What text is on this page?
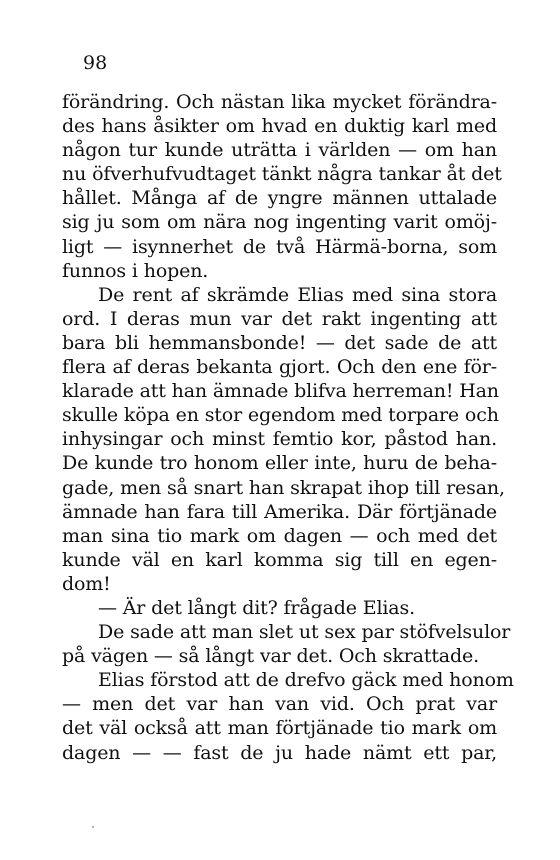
98

förändring. Och nästan lika mycket förändra-
des hans åsikter om hvad en duktig karl med
någon tur kunde uträtta i världen — om han
nu öfverhufvudtaget tänkt några tankar åt det
hållet. Många af de yngre männen uttalade
sig ju som om nära nog ingenting varit omöj-
ligt — isynnerhet de två Härmä-borna, som
funnos i hopen.
De rent af skrämde Elias med sina stora
ord. I deras mun var det rakt ingenting att
bara bli hemmansbonde! — det sade de att
flera af deras bekanta gjort. Och den ene för-
klarade att han ämnade blifva herreman! Han
skulle köpa en stor egendom med torpare och
inhysingar och minst femtio kor, påstod han.
De kunde tro honom eller inte, huru de beha-
gade, men så snart han skrapat ihop till resan,
ämnade han fara till Amerika. Där förtjänade
man sina tio mark om dagen — och med det
kunde väl en karl komma sig till en egen-
dom!
— Är det långt dit? frågade Elias.
De sade att man slet ut sex par stöfvelsulor
på vägen — så långt var det. Och skrattade.
Elias förstod att de drefvo gäck med honom
— men det var han van vid. Och prat var
det väl också att man förtjänade tio mark om
dagen — — fast de ju hade nämt ett par,
